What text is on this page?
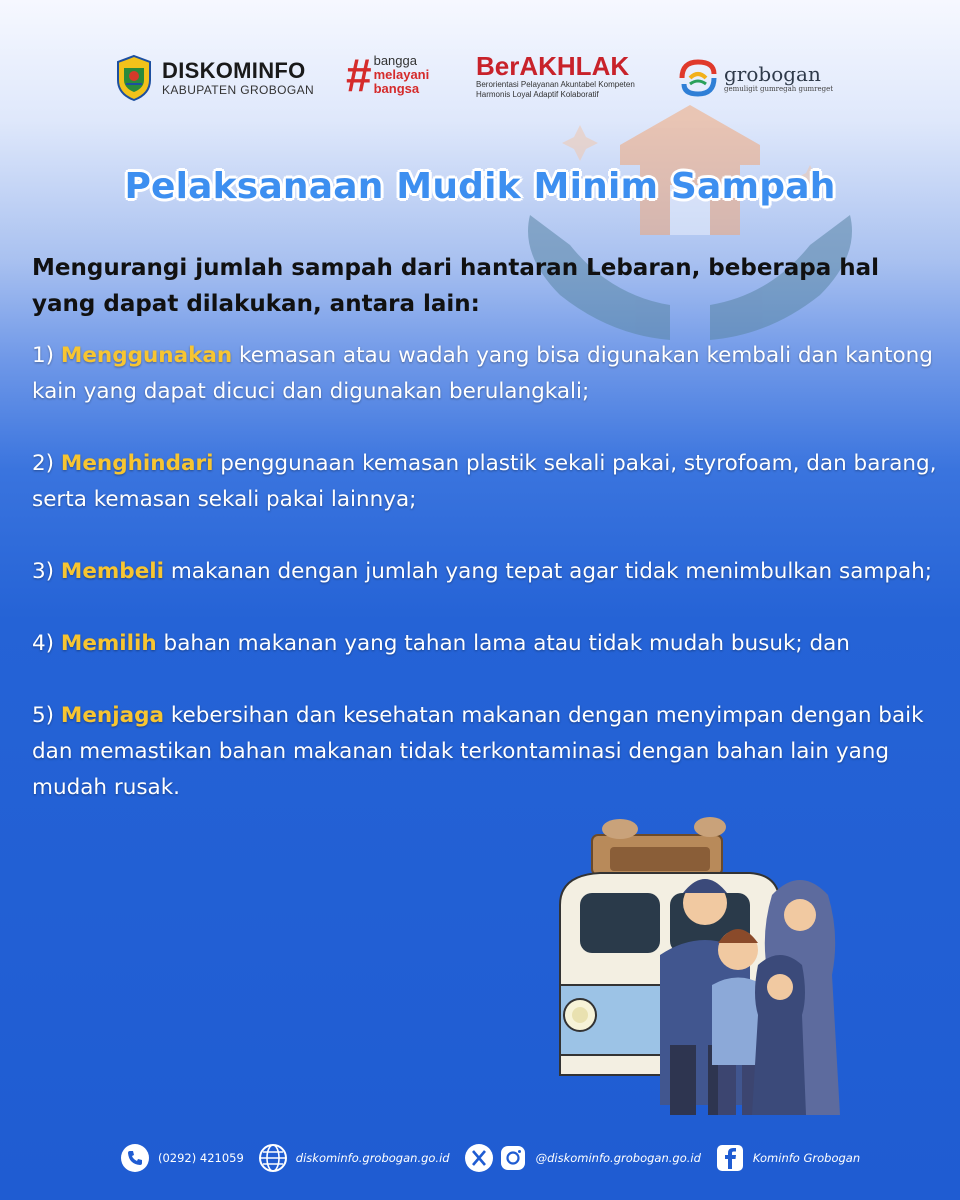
DISKOMINFO
KABUPATEN GROBOGAN # bangga
melayani
bangsa
BerAKHLAK
Berorientasi Pelayanan Akuntabel Kompeten
Harmonis Loyal Adaptif Kolaboratif
grobogan
gemuligit gumregah gumreget
Pelaksanaan Mudik Minim Sampah
Mengurangi jumlah sampah dari hantaran Lebaran, beberapa hal yang dapat dilakukan, antara lain:
1) Menggunakan kemasan atau wadah yang bisa digunakan kembali dan kantong kain yang dapat dicuci dan digunakan berulangkali;
2) Menghindari penggunaan kemasan plastik sekali pakai, styrofoam, dan barang, serta kemasan sekali pakai lainnya;
3) Membeli makanan dengan jumlah yang tepat agar tidak menimbulkan sampah;
4) Memilih bahan makanan yang tahan lama atau tidak mudah busuk; dan
5) Menjaga kebersihan dan kesehatan makanan dengan menyimpan dengan baik dan memastikan bahan makanan tidak terkontaminasi dengan bahan lain yang mudah rusak.
(0292) 421059	diskominfo.grobogan.go.id	@diskominfo.grobogan.go.id	Kominfo Grobogan
